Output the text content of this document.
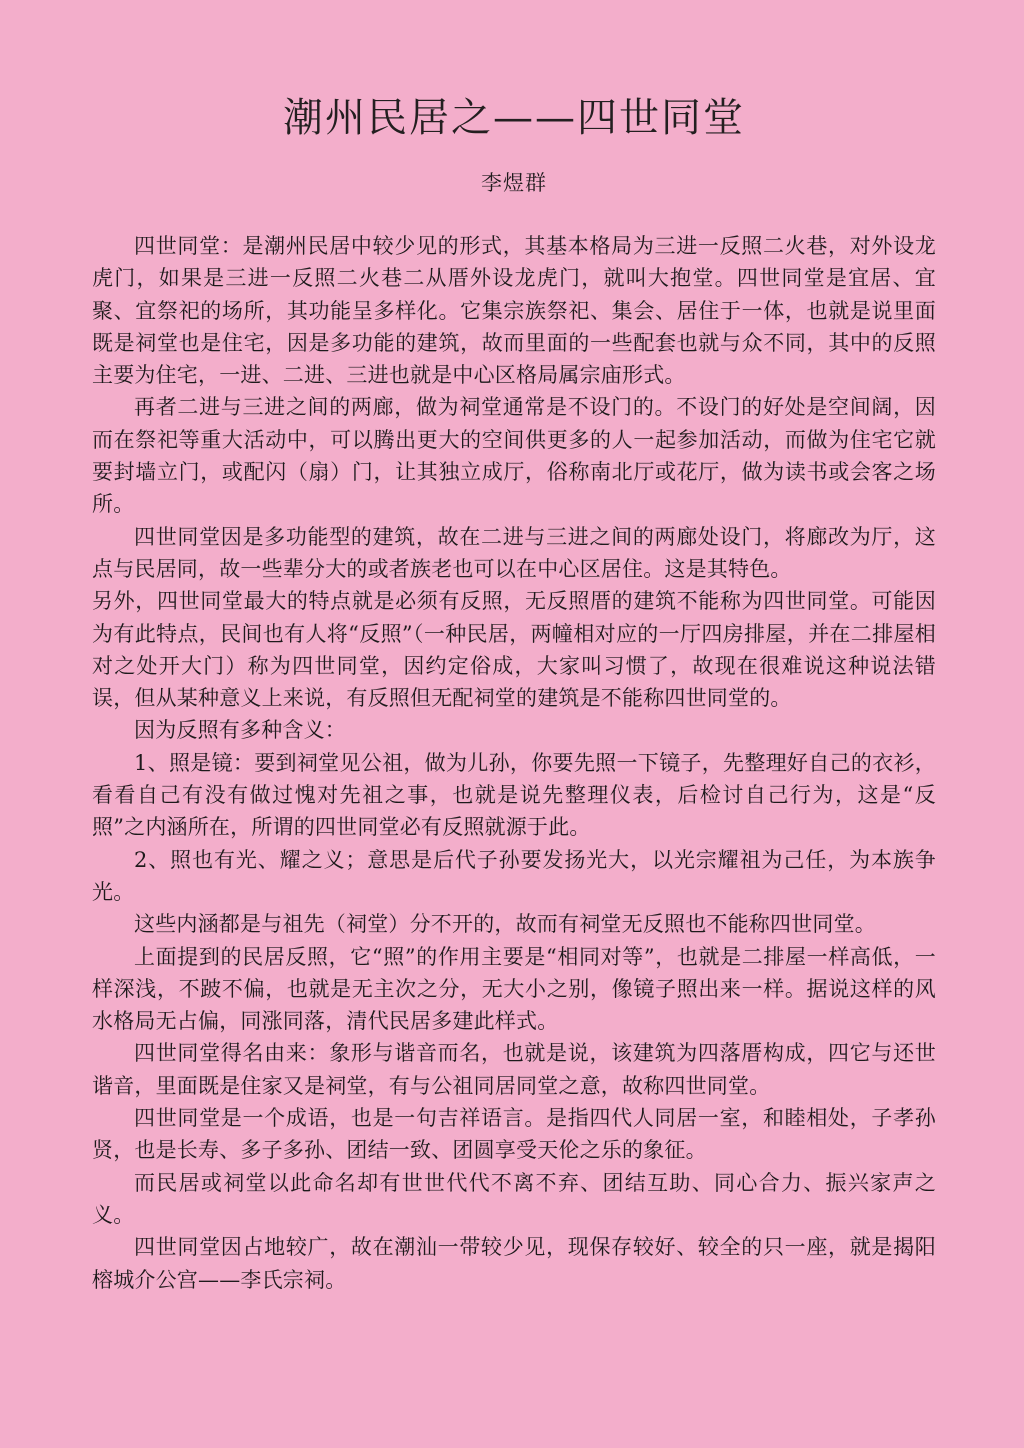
潮州民居之——四世同堂
李煜群

四世同堂：是潮州民居中较少见的形式，其基本格局为三进一反照二火巷，对外设龙虎门，如果是三进一反照二火巷二从厝外设龙虎门，就叫大抱堂。四世同堂是宜居、宜聚、宜祭祀的场所，其功能呈多样化。它集宗族祭祀、集会、居住于一体，也就是说里面既是祠堂也是住宅，因是多功能的建筑，故而里面的一些配套也就与众不同，其中的反照主要为住宅，一进、二进、三进也就是中心区格局属宗庙形式。

再者二进与三进之间的两廊，做为祠堂通常是不设门的。不设门的好处是空间阔，因而在祭祀等重大活动中，可以腾出更大的空间供更多的人一起参加活动，而做为住宅它就要封墙立门，或配闪（扇）门，让其独立成厅，俗称南北厅或花厅，做为读书或会客之场所。

四世同堂因是多功能型的建筑，故在二进与三进之间的两廊处设门，将廊改为厅，这点与民居同，故一些辈分大的或者族老也可以在中心区居住。这是其特色。

另外，四世同堂最大的特点就是必须有反照，无反照厝的建筑不能称为四世同堂。可能因为有此特点，民间也有人将“反照”（一种民居，两幢相对应的一厅四房排屋，并在二排屋相对之处开大门）称为四世同堂，因约定俗成，大家叫习惯了，故现在很难说这种说法错误，但从某种意义上来说，有反照但无配祠堂的建筑是不能称四世同堂的。

因为反照有多种含义：

1、照是镜：要到祠堂见公祖，做为儿孙，你要先照一下镜子，先整理好自己的衣衫，看看自己有没有做过愧对先祖之事，也就是说先整理仪表，后检讨自己行为，这是“反照”之内涵所在，所谓的四世同堂必有反照就源于此。

2、照也有光、耀之义；意思是后代子孙要发扬光大，以光宗耀祖为己任，为本族争光。

这些内涵都是与祖先（祠堂）分不开的，故而有祠堂无反照也不能称四世同堂。

上面提到的民居反照，它“照”的作用主要是“相同对等”，也就是二排屋一样高低，一样深浅，不跛不偏，也就是无主次之分，无大小之别，像镜子照出来一样。据说这样的风水格局无占偏，同涨同落，清代民居多建此样式。

四世同堂得名由来：象形与谐音而名，也就是说，该建筑为四落厝构成，四它与还世谐音，里面既是住家又是祠堂，有与公祖同居同堂之意，故称四世同堂。

四世同堂是一个成语，也是一句吉祥语言。是指四代人同居一室，和睦相处，子孝孙贤，也是长寿、多子多孙、团结一致、团圆享受天伦之乐的象征。

而民居或祠堂以此命名却有世世代代不离不弃、团结互助、同心合力、振兴家声之义。

四世同堂因占地较广，故在潮汕一带较少见，现保存较好、较全的只一座，就是揭阳榕城介公宫——李氏宗祠。
